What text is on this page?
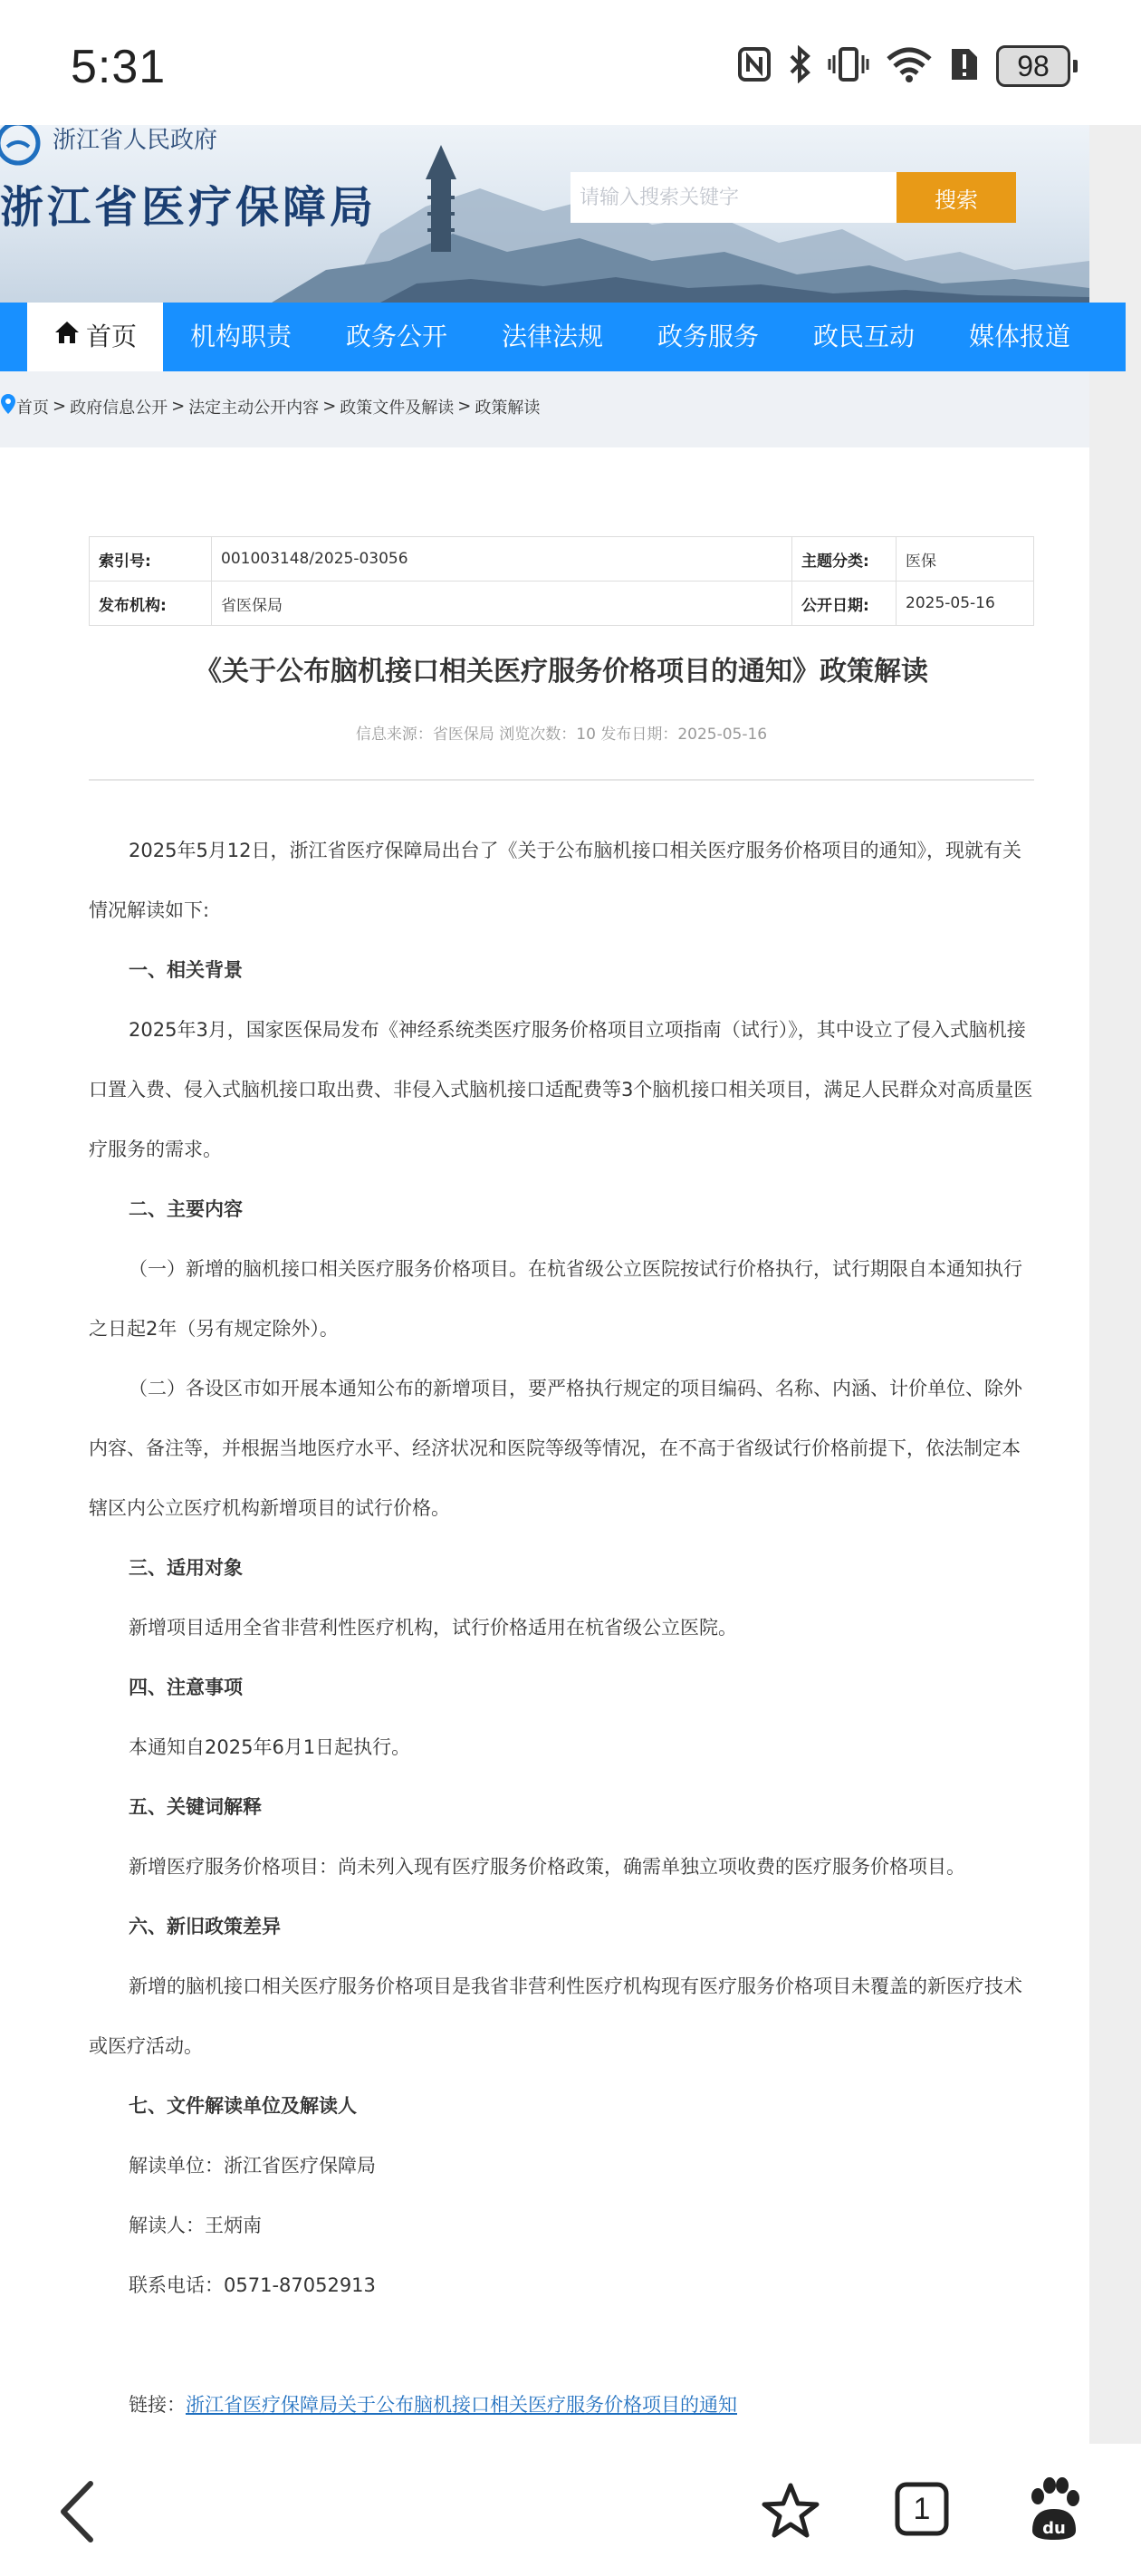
5:31	98
浙江省人民政府
浙江省医疗保障局
请输入搜索关键字	搜索
首页	机构职责	政务公开	法律法规	政务服务	政民互动	媒体报道
首页 > 政府信息公开 > 法定主动公开内容 > 政策文件及解读 > 政策解读
索引号:	001003148/2025-03056	主题分类:	医保
发布机构:	省医保局	公开日期:	2025-05-16
《关于公布脑机接口相关医疗服务价格项目的通知》政策解读
信息来源：省医保局 浏览次数：10 发布日期：2025-05-16

2025年5月12日，浙江省医疗保障局出台了《关于公布脑机接口相关医疗服务价格项目的通知》，现就有关情况解读如下:

一、相关背景

2025年3月，国家医保局发布《神经系统类医疗服务价格项目立项指南（试行）》，其中设立了侵入式脑机接口置入费、侵入式脑机接口取出费、非侵入式脑机接口适配费等3个脑机接口相关项目，满足人民群众对高质量医疗服务的需求。

二、主要内容

（一）新增的脑机接口相关医疗服务价格项目。在杭省级公立医院按试行价格执行，试行期限自本通知执行之日起2年（另有规定除外）。

（二）各设区市如开展本通知公布的新增项目，要严格执行规定的项目编码、名称、内涵、计价单位、除外内容、备注等，并根据当地医疗水平、经济状况和医院等级等情况，在不高于省级试行价格前提下，依法制定本辖区内公立医疗机构新增项目的试行价格。

三、适用对象

新增项目适用全省非营利性医疗机构，试行价格适用在杭省级公立医院。

四、注意事项

本通知自2025年6月1日起执行。

五、关键词解释

新增医疗服务价格项目：尚未列入现有医疗服务价格政策，确需单独立项收费的医疗服务价格项目。

六、新旧政策差异

新增的脑机接口相关医疗服务价格项目是我省非营利性医疗机构现有医疗服务价格项目未覆盖的新医疗技术或医疗活动。

七、文件解读单位及解读人

解读单位：浙江省医疗保障局

解读人：王炳南

联系电话：0571-87052913

链接：浙江省医疗保障局关于公布脑机接口相关医疗服务价格项目的通知

1
du
